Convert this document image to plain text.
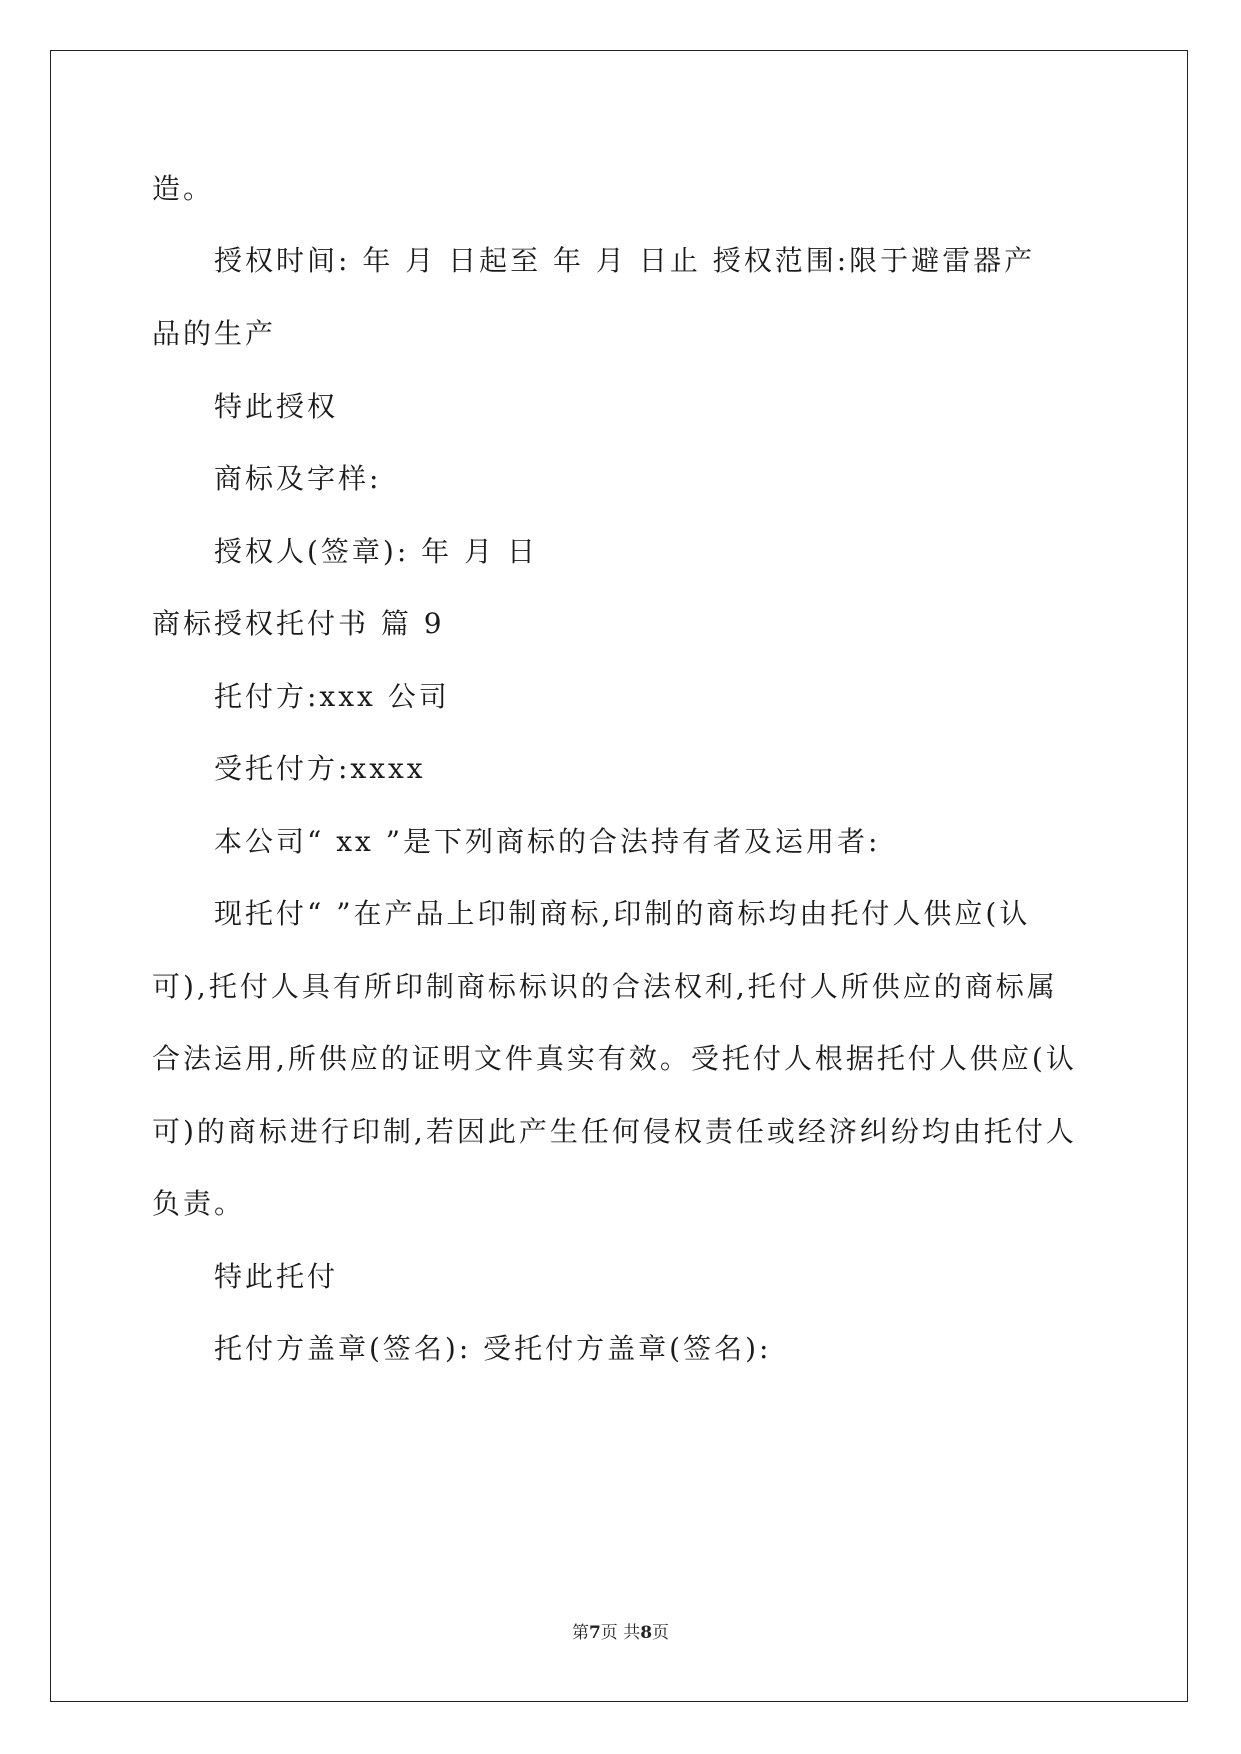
造。
授权时间: 年 月 日起至 年 月 日止 授权范围:限于避雷器产
品的生产
特此授权
商标及字样:
授权人(签章): 年 月 日
商标授权托付书 篇 9
托付方:xxx 公司
受托付方:xxxx
本公司“ xx ”是下列商标的合法持有者及运用者:
现托付“ ”在产品上印制商标,印制的商标均由托付人供应(认
可),托付人具有所印制商标标识的合法权利,托付人所供应的商标属
合法运用,所供应的证明文件真实有效。受托付人根据托付人供应(认
可)的商标进行印制,若因此产生任何侵权责任或经济纠纷均由托付人
负责。
特此托付
托付方盖章(签名): 受托付方盖章(签名):
第7页 共8页
